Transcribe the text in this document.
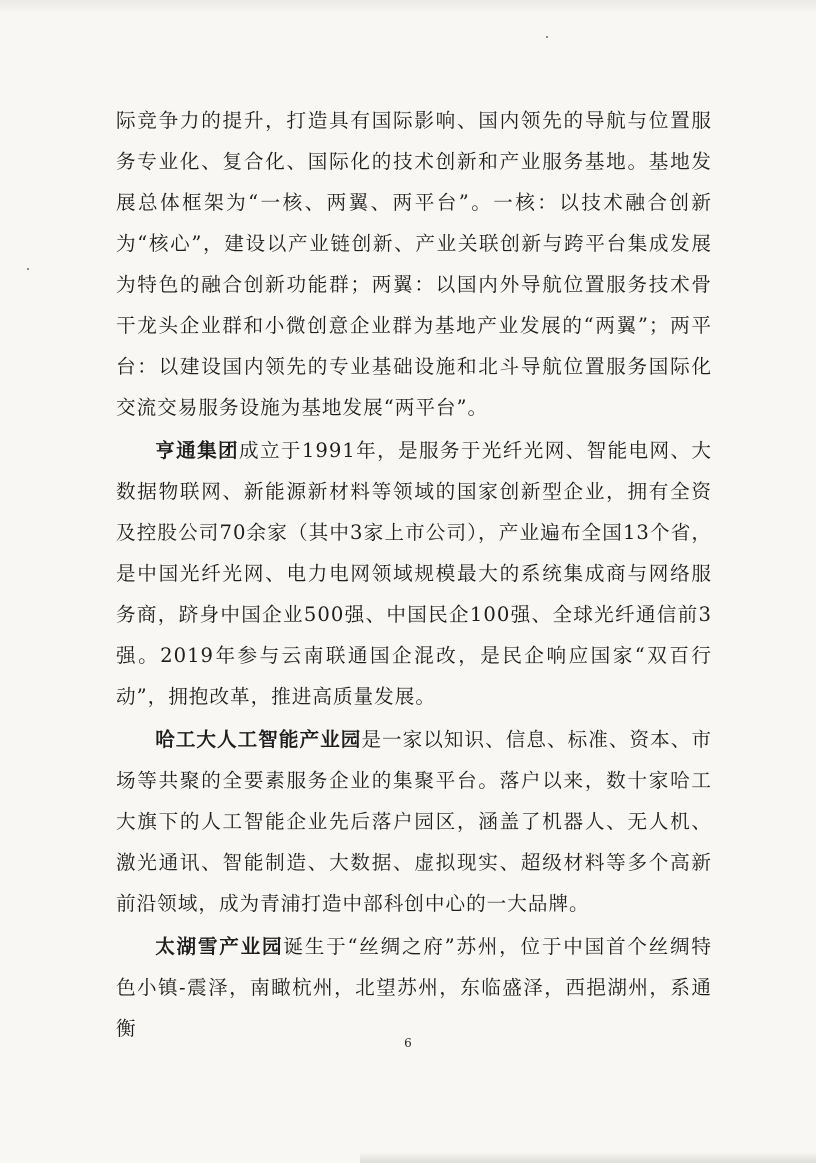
际竞争力的提升，打造具有国际影响、国内领先的导航与位置服务专业化、复合化、国际化的技术创新和产业服务基地。基地发展总体框架为“一核、两翼、两平台”。一核：以技术融合创新为“核心”，建设以产业链创新、产业关联创新与跨平台集成发展为特色的融合创新功能群；两翼：以国内外导航位置服务技术骨干龙头企业群和小微创意企业群为基地产业发展的“两翼”；两平台：以建设国内领先的专业基础设施和北斗导航位置服务国际化交流交易服务设施为基地发展“两平台”。

亨通集团成立于1991年，是服务于光纤光网、智能电网、大数据物联网、新能源新材料等领域的国家创新型企业，拥有全资及控股公司70余家（其中3家上市公司），产业遍布全国13个省，是中国光纤光网、电力电网领域规模最大的系统集成商与网络服务商，跻身中国企业500强、中国民企100强、全球光纤通信前3强。2019年参与云南联通国企混改，是民企响应国家“双百行动”，拥抱改革，推进高质量发展。

哈工大人工智能产业园是一家以知识、信息、标准、资本、市场等共聚的全要素服务企业的集聚平台。落户以来，数十家哈工大旗下的人工智能企业先后落户园区，涵盖了机器人、无人机、激光通讯、智能制造、大数据、虚拟现实、超级材料等多个高新前沿领域，成为青浦打造中部科创中心的一大品牌。

太湖雪产业园诞生于“丝绸之府”苏州，位于中国首个丝绸特色小镇-震泽，南瞰杭州，北望苏州，东临盛泽，西挹湖州，系通衡

6
